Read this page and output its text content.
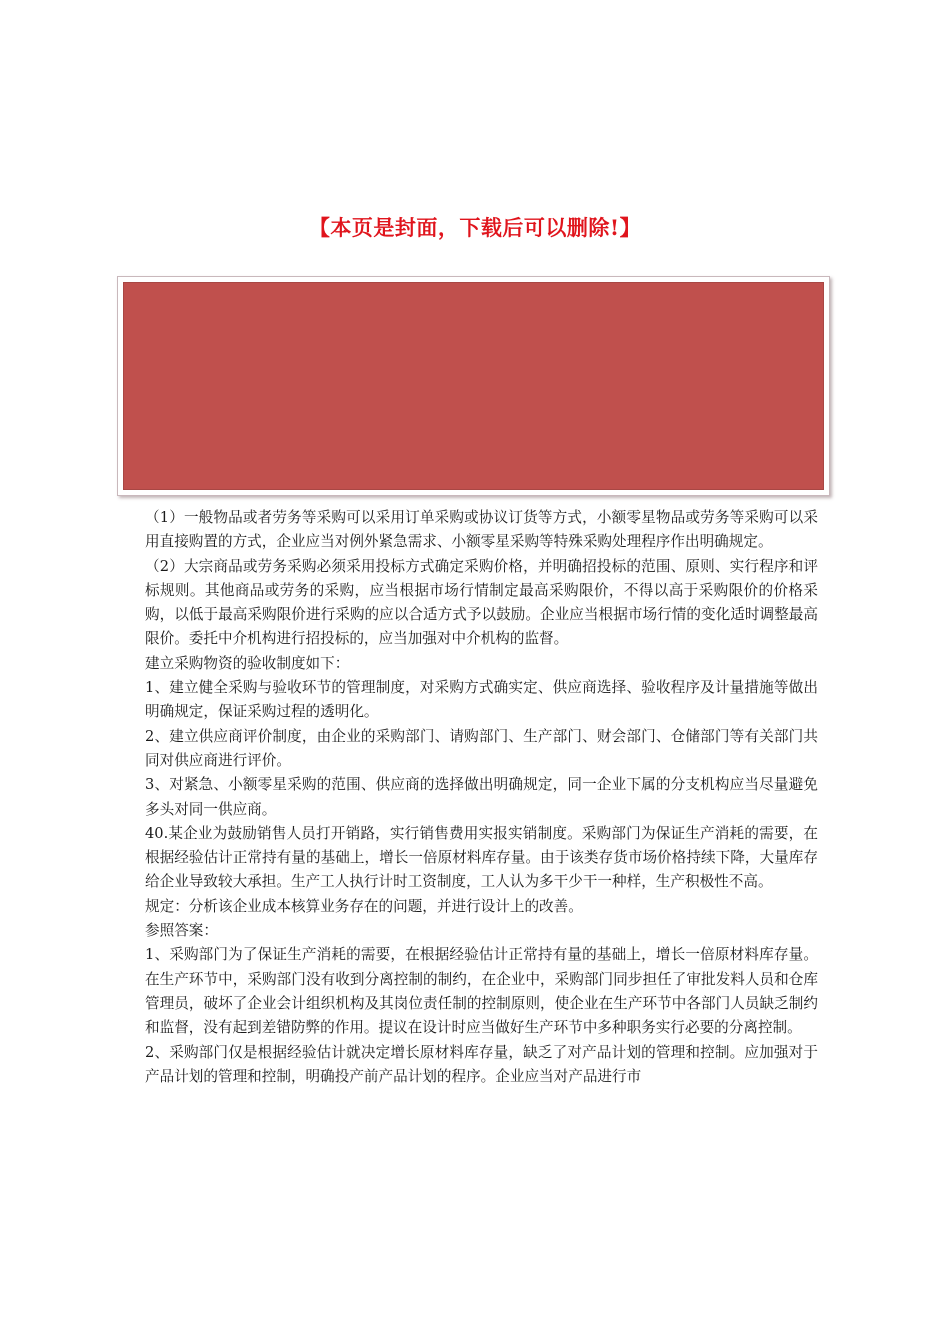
【本页是封面，下载后可以删除!】

（1）一般物品或者劳务等采购可以采用订单采购或协议订货等方式，小额零星物品或劳务等采购可以采用直接购置的方式，企业应当对例外紧急需求、小额零星采购等特殊采购处理程序作出明确规定。

（2）大宗商品或劳务采购必须采用投标方式确定采购价格，并明确招投标的范围、原则、实行程序和评标规则。其他商品或劳务的采购，应当根据市场行情制定最高采购限价，不得以高于采购限价的价格采购，以低于最高采购限价进行采购的应以合适方式予以鼓励。企业应当根据市场行情的变化适时调整最高限价。委托中介机构进行招投标的，应当加强对中介机构的监督。

建立采购物资的验收制度如下：

1、建立健全采购与验收环节的管理制度，对采购方式确实定、供应商选择、验收程序及计量措施等做出明确规定，保证采购过程的透明化。

2、建立供应商评价制度，由企业的采购部门、请购部门、生产部门、财会部门、仓储部门等有关部门共同对供应商进行评价。

3、对紧急、小额零星采购的范围、供应商的选择做出明确规定，同一企业下属的分支机构应当尽量避免多头对同一供应商。

40.某企业为鼓励销售人员打开销路，实行销售费用实报实销制度。采购部门为保证生产消耗的需要，在根据经验估计正常持有量的基础上，增长一倍原材料库存量。由于该类存货市场价格持续下降，大量库存给企业导致较大承担。生产工人执行计时工资制度，工人认为多干少干一种样，生产积极性不高。

规定：分析该企业成本核算业务存在的问题，并进行设计上的改善。

参照答案：

1、采购部门为了保证生产消耗的需要，在根据经验估计正常持有量的基础上，增长一倍原材料库存量。在生产环节中，采购部门没有收到分离控制的制约，在企业中，采购部门同步担任了审批发料人员和仓库管理员，破坏了企业会计组织机构及其岗位责任制的控制原则，使企业在生产环节中各部门人员缺乏制约和监督，没有起到差错防弊的作用。提议在设计时应当做好生产环节中多种职务实行必要的分离控制。

2、采购部门仅是根据经验估计就决定增长原材料库存量，缺乏了对产品计划的管理和控制。应加强对于产品计划的管理和控制，明确投产前产品计划的程序。企业应当对产品进行市
